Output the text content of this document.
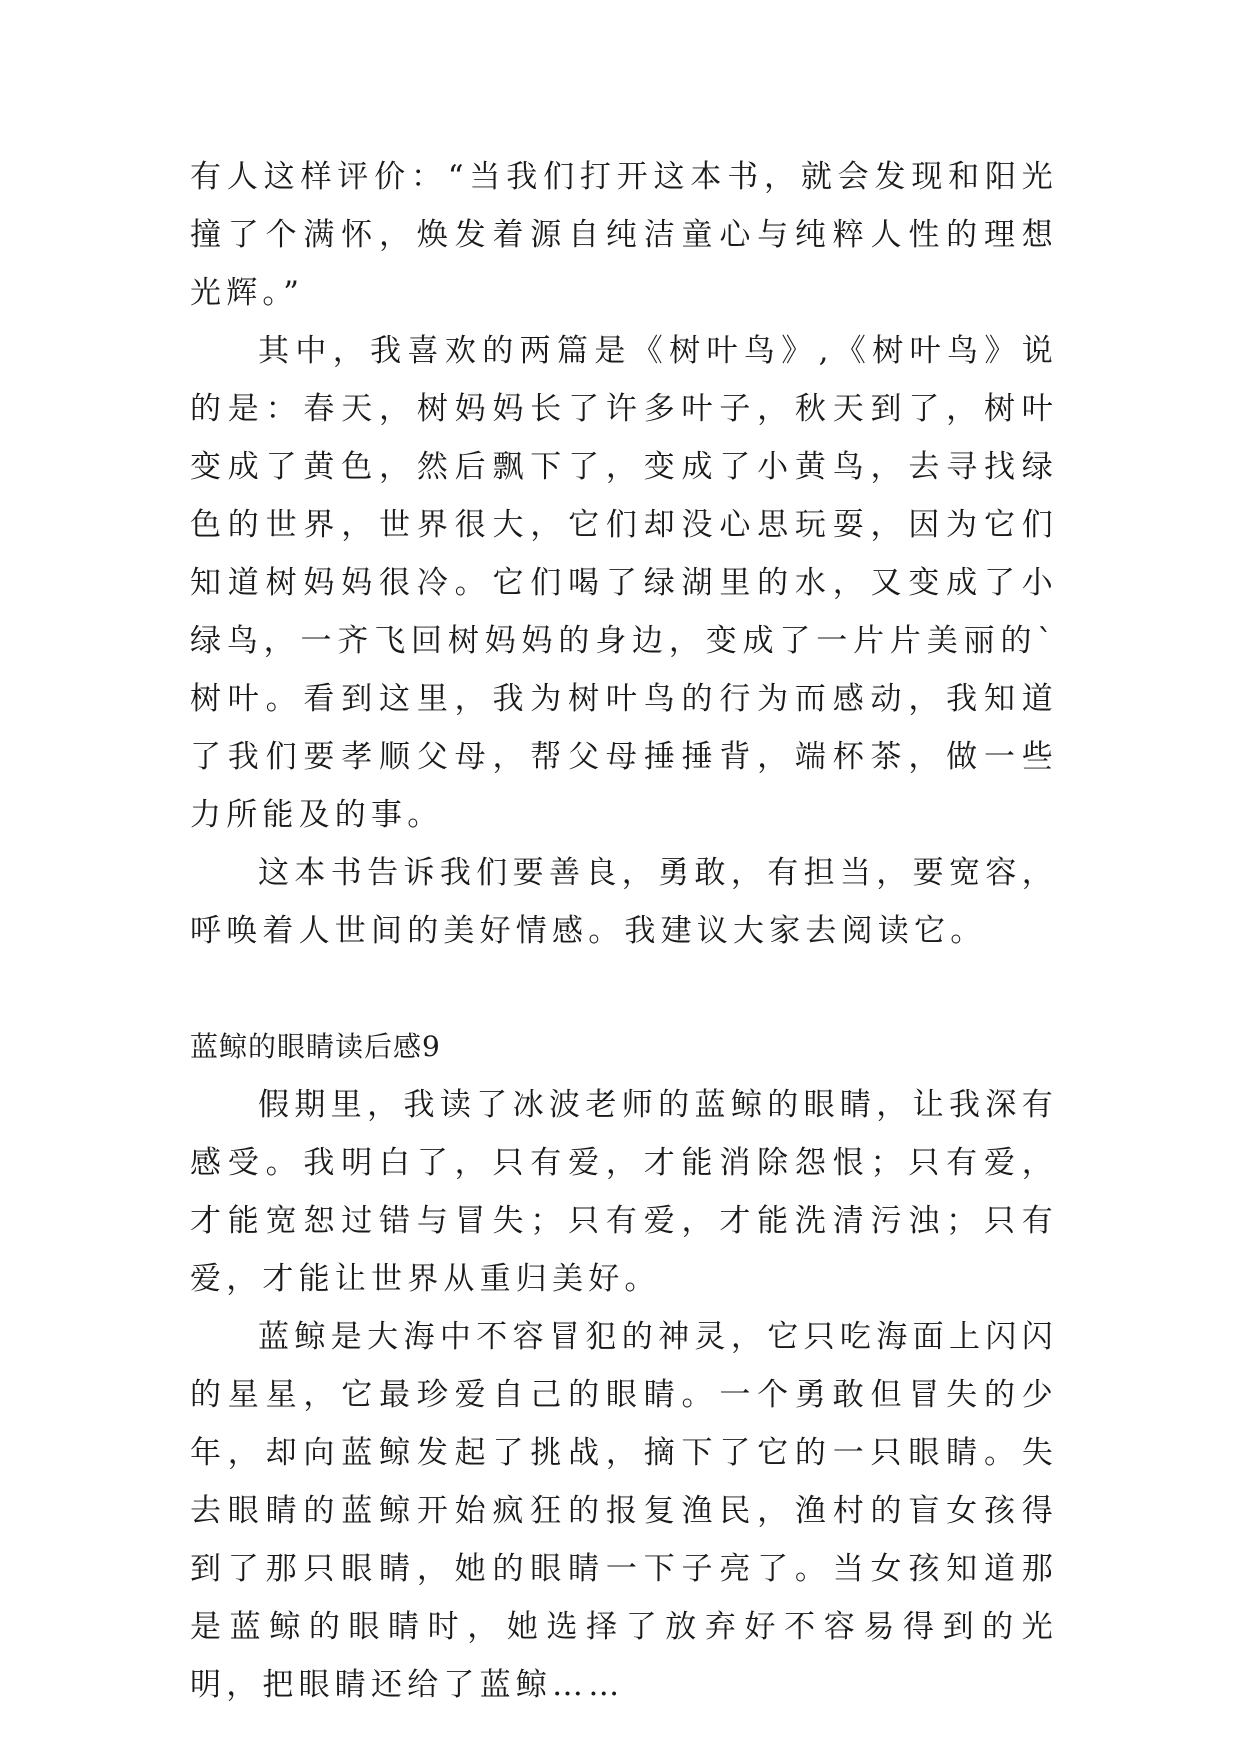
有人这样评价：“当我们打开这本书，就会发现和阳光撞了个满怀，焕发着源自纯洁童心与纯粹人性的理想光辉。”

其中，我喜欢的两篇是《树叶鸟》,《树叶鸟》说的是：春天，树妈妈长了许多叶子，秋天到了，树叶变成了黄色，然后飘下了，变成了小黄鸟，去寻找绿色的世界，世界很大，它们却没心思玩耍，因为它们知道树妈妈很冷。它们喝了绿湖里的水，又变成了小绿鸟，一齐飞回树妈妈的身边，变成了一片片美丽的`树叶。看到这里，我为树叶鸟的行为而感动，我知道了我们要孝顺父母，帮父母捶捶背，端杯茶，做一些力所能及的事。

这本书告诉我们要善良，勇敢，有担当，要宽容，呼唤着人世间的美好情感。我建议大家去阅读它。

蓝鲸的眼睛读后感9

假期里，我读了冰波老师的蓝鲸的眼睛，让我深有感受。我明白了，只有爱，才能消除怨恨；只有爱，才能宽恕过错与冒失；只有爱，才能洗清污浊；只有爱，才能让世界从重归美好。

蓝鲸是大海中不容冒犯的神灵，它只吃海面上闪闪的星星，它最珍爱自己的眼睛。一个勇敢但冒失的少年，却向蓝鲸发起了挑战，摘下了它的一只眼睛。失去眼睛的蓝鲸开始疯狂的报复渔民，渔村的盲女孩得到了那只眼睛，她的眼睛一下子亮了。当女孩知道那是蓝鲸的眼睛时，她选择了放弃好不容易得到的光明，把眼睛还给了蓝鲸……
